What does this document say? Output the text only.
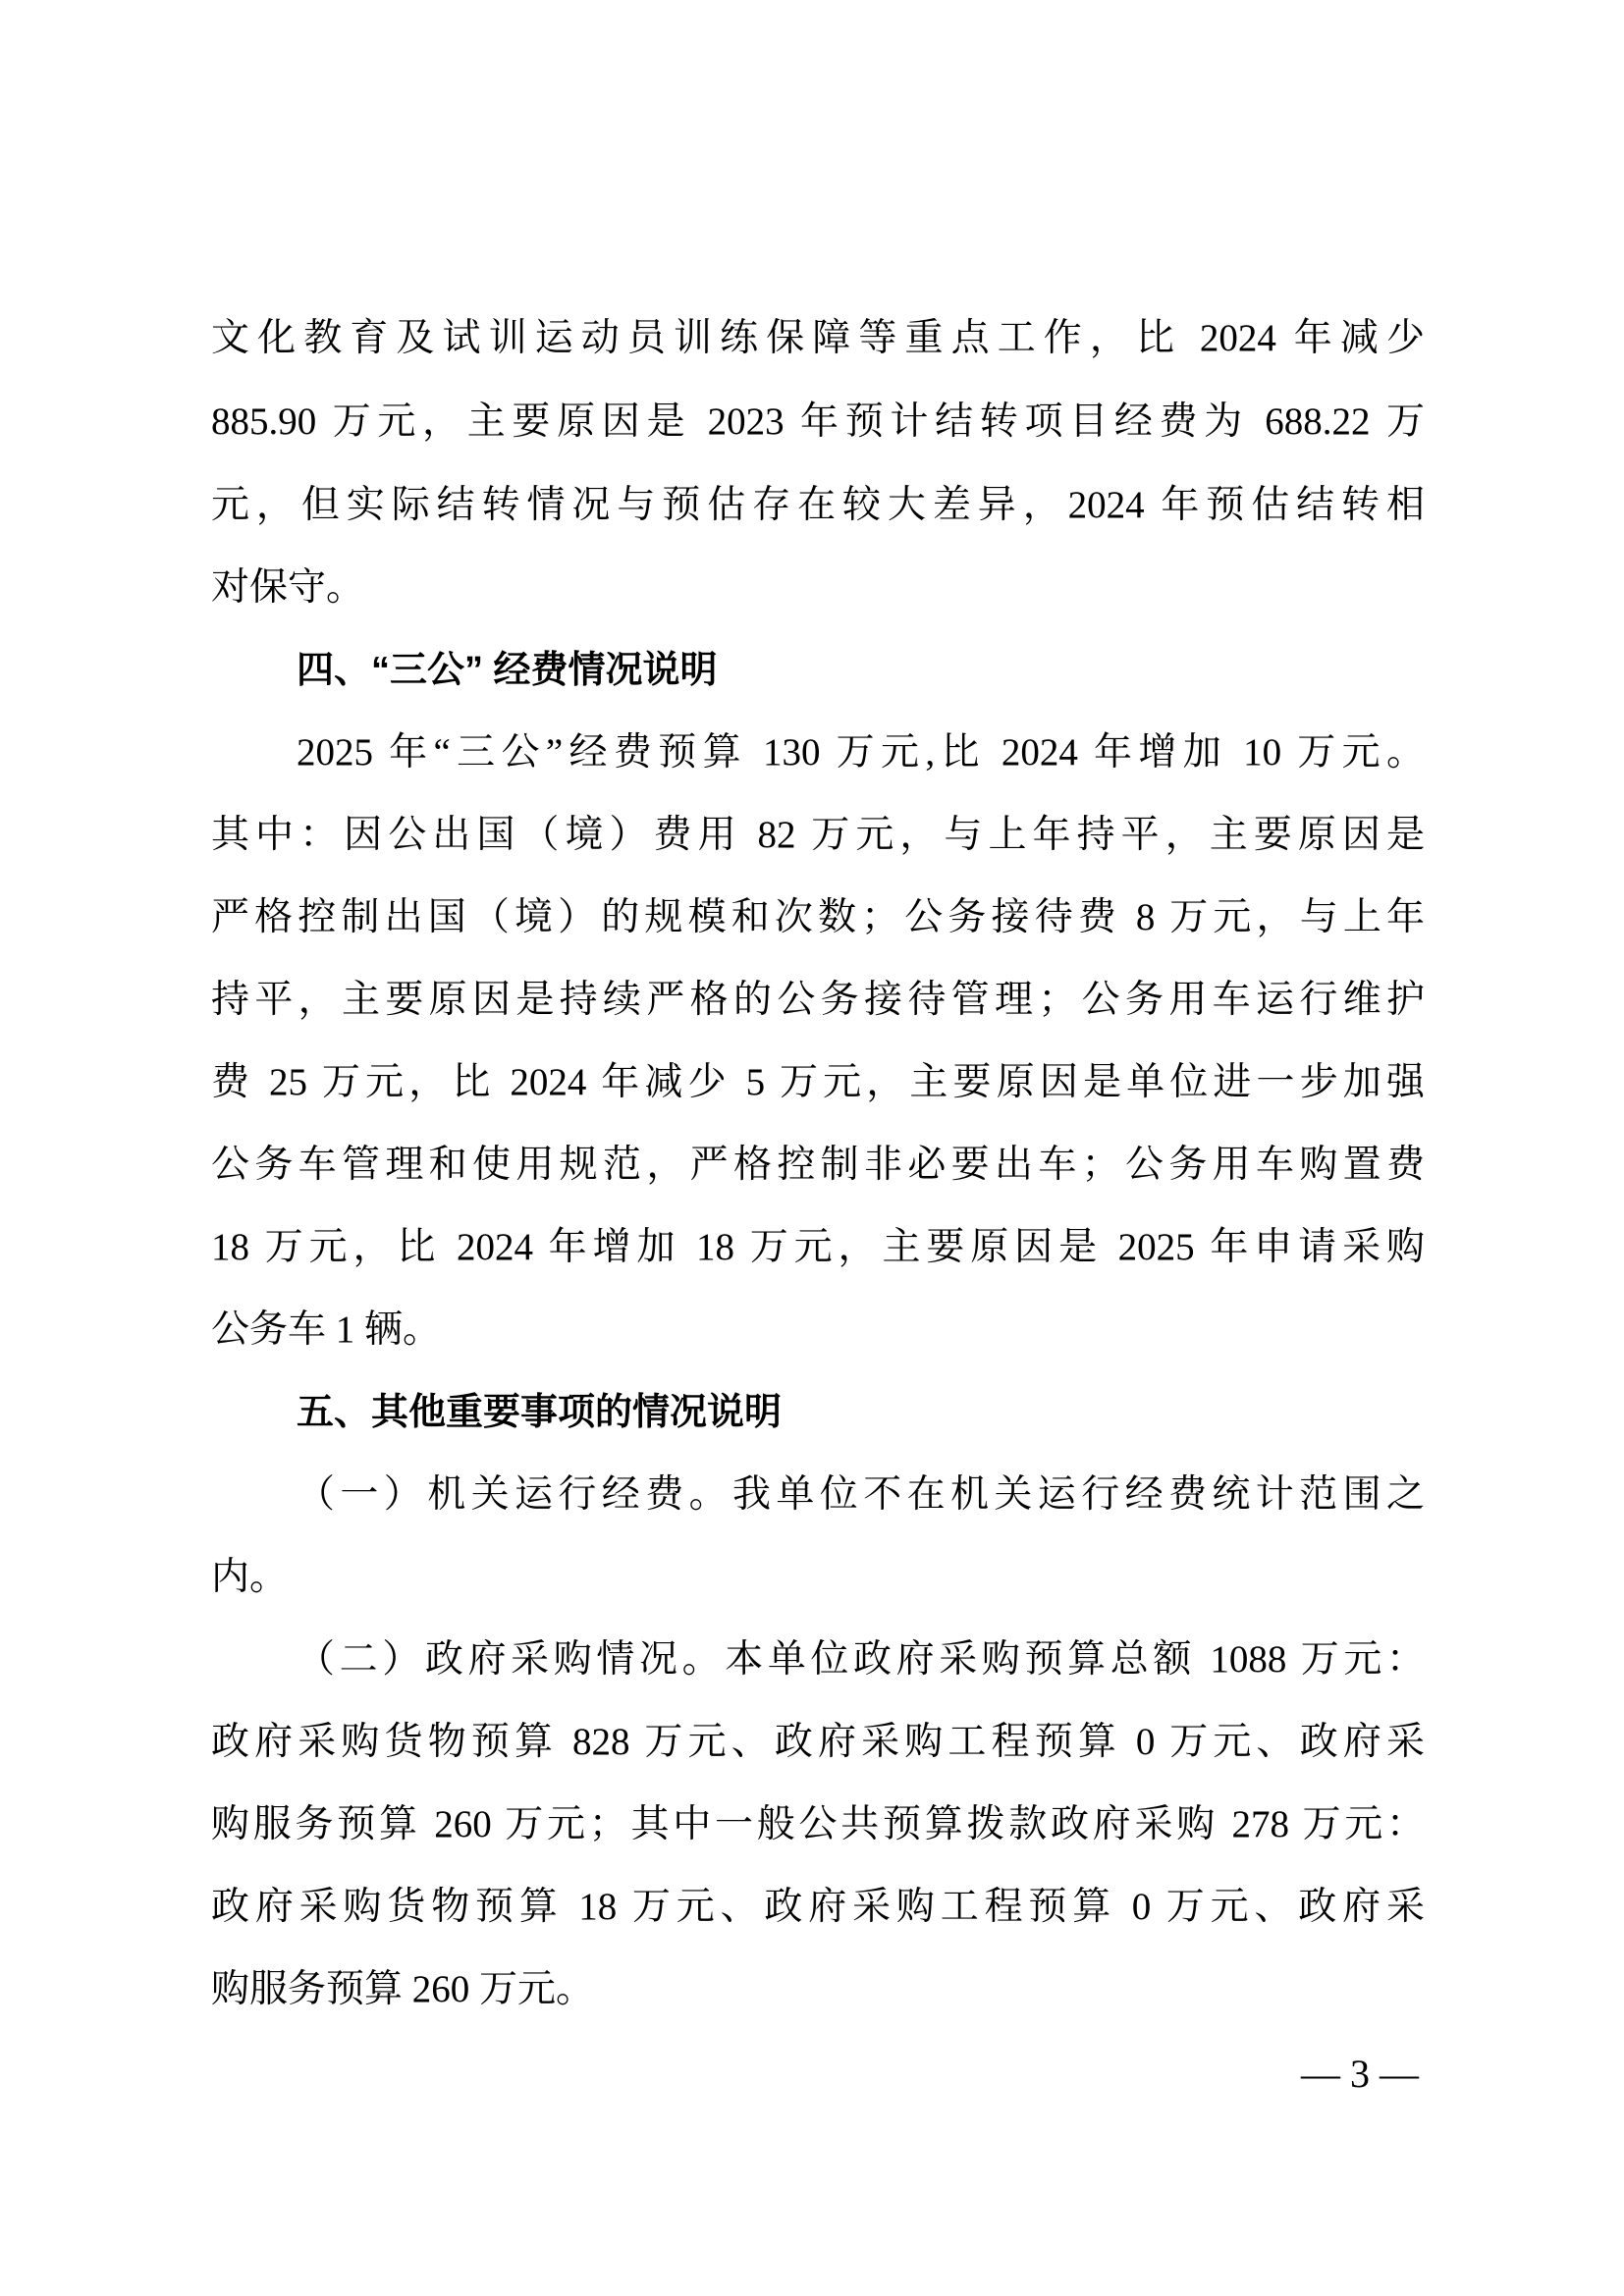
文化教育及试训运动员训练保障等重点工作，比 2024 年减少
885.90 万元，主要原因是 2023 年预计结转项目经费为 688.22 万
元，但实际结转情况与预估存在较大差异，2024 年预估结转相
对保守。
四、“三公” 经费情况说明
2025 年“三公”经费预算 130 万元,比 2024 年增加 10 万元。
其中：因公出国（境）费用 82 万元，与上年持平，主要原因是
严格控制出国（境）的规模和次数；公务接待费 8 万元，与上年
持平，主要原因是持续严格的公务接待管理；公务用车运行维护
费 25 万元，比 2024 年减少 5 万元，主要原因是单位进一步加强
公务车管理和使用规范，严格控制非必要出车；公务用车购置费
18 万元，比 2024 年增加 18 万元，主要原因是 2025 年申请采购
公务车 1 辆。
五、其他重要事项的情况说明
（一）机关运行经费。我单位不在机关运行经费统计范围之
内。
（二）政府采购情况。本单位政府采购预算总额 1088 万元：
政府采购货物预算 828 万元、政府采购工程预算 0 万元、政府采
购服务预算 260 万元；其中一般公共预算拨款政府采购 278 万元：
政府采购货物预算 18 万元、政府采购工程预算 0 万元、政府采
购服务预算 260 万元。
— 3 —
